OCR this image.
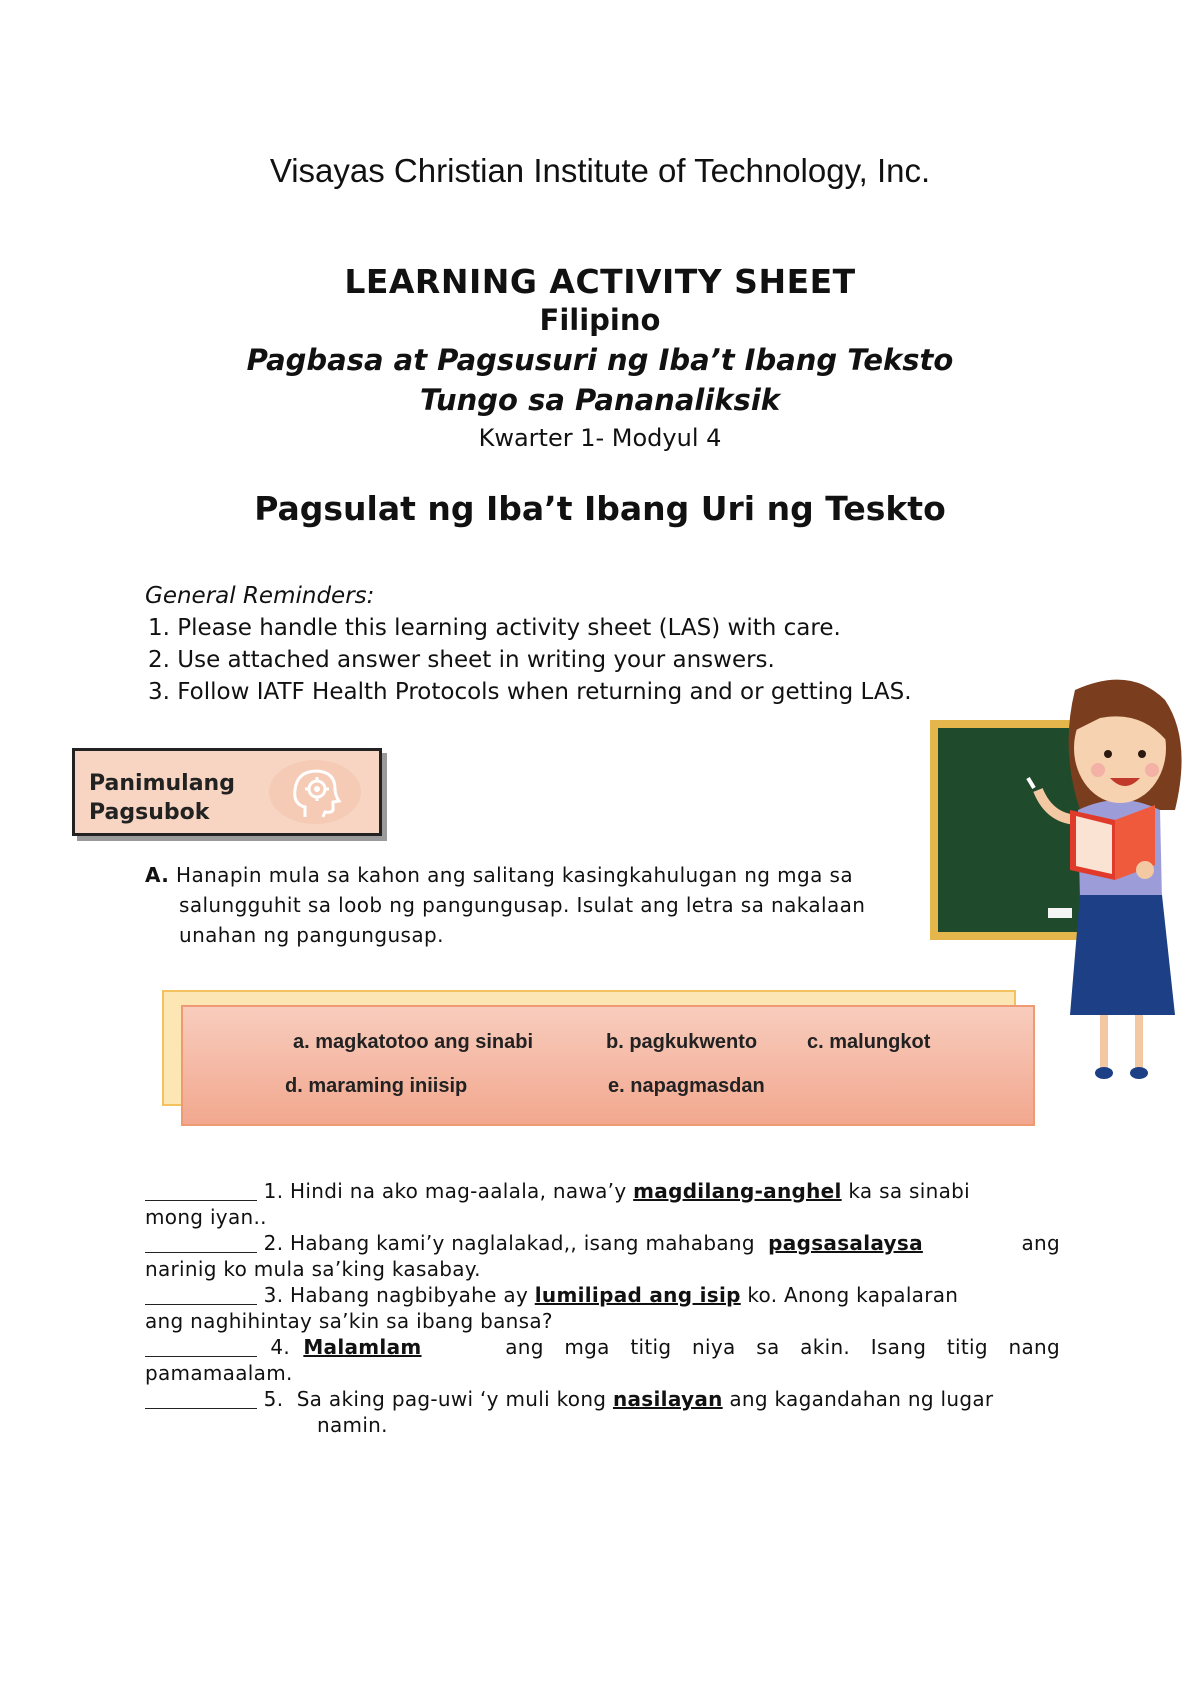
Visayas Christian Institute of Technology, Inc.
LEARNING ACTIVITY SHEET
Filipino
Pagbasa at Pagsusuri ng Iba’t Ibang Teksto
Tungo sa Pananaliksik
Kwarter 1- Modyul 4
Pagsulat ng Iba’t Ibang Uri ng Teskto
General Reminders:
1. Please handle this learning activity sheet (LAS) with care.
2. Use attached answer sheet in writing your answers.
3. Follow IATF Health Protocols when returning and or getting LAS.
Panimulang
Pagsubok
A. Hanapin mula sa kahon ang salitang kasingkahulugan ng mga sa
salungguhit sa loob ng pangungusap. Isulat ang letra sa nakalaan
unahan ng pangungusap.
a. magkatotoo ang sinabi	b. pagkukwento c. malungkot
d. maraming iniisip	e. napagmasdan
1. Hindi na ako mag-aalala, nawa’y magdilang-anghel ka sa sinabi
mong iyan..
2. Habang kami’y naglalakad,, isang mahabang pagsasalaysa	ang
narinig ko mula sa’king kasabay.
3. Habang nagbibyahe ay lumilipad ang isip ko. Anong kapalaran
ang naghihintay sa’kin sa ibang bansa?
4. Malamlam	ang mga titig niya sa akin. Isang titig nang
pamamaalam.
5. Sa aking pag-uwi ‘y muli kong nasilayan ang kagandahan ng lugar
namin.
